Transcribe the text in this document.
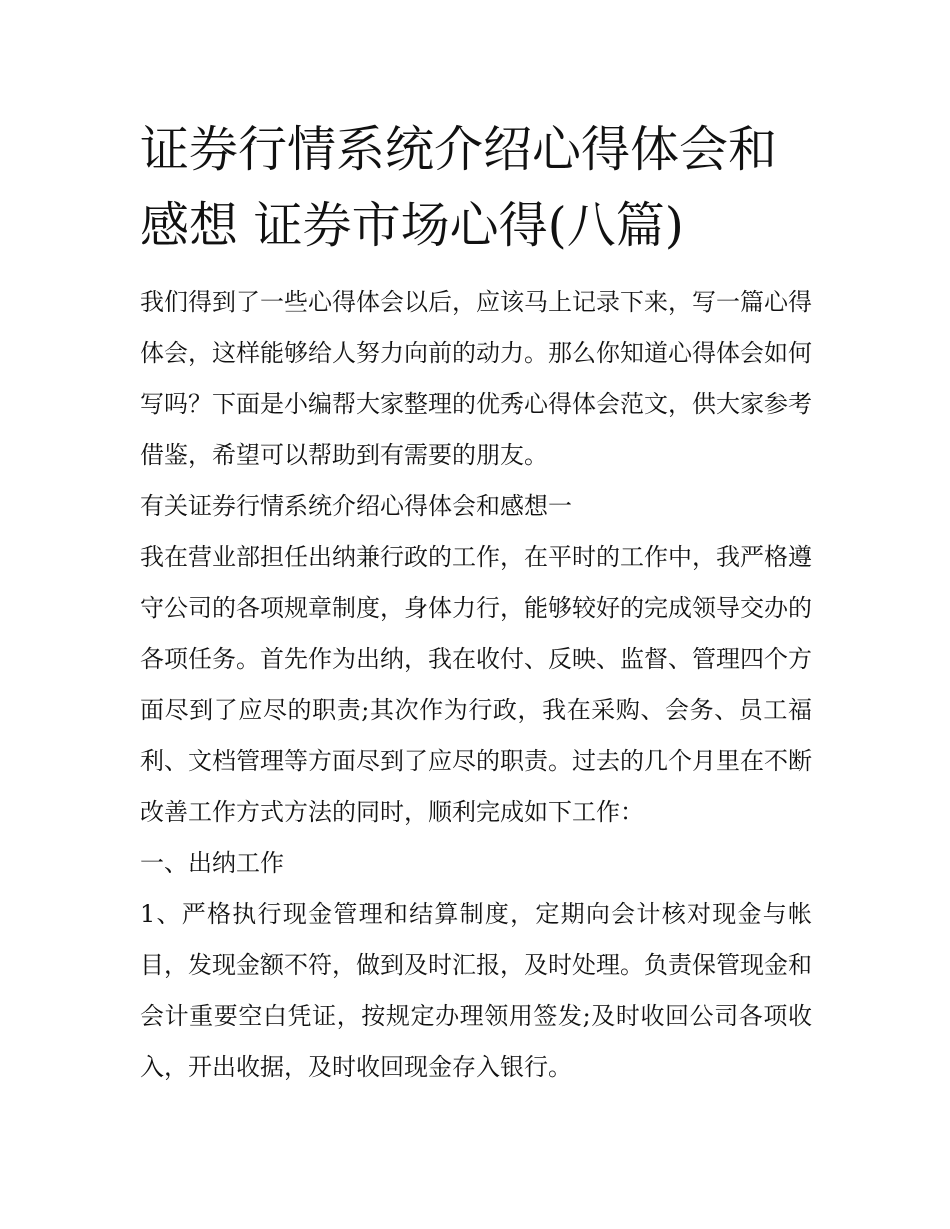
证券行情系统介绍心得体会和感想 证券市场心得(八篇)

我们得到了一些心得体会以后，应该马上记录下来，写一篇心得体会，这样能够给人努力向前的动力。那么你知道心得体会如何写吗？下面是小编帮大家整理的优秀心得体会范文，供大家参考借鉴，希望可以帮助到有需要的朋友。

有关证券行情系统介绍心得体会和感想一

我在营业部担任出纳兼行政的工作，在平时的工作中，我严格遵守公司的各项规章制度，身体力行，能够较好的完成领导交办的各项任务。首先作为出纳，我在收付、反映、监督、管理四个方面尽到了应尽的职责;其次作为行政，我在采购、会务、员工福利、文档管理等方面尽到了应尽的职责。过去的几个月里在不断改善工作方式方法的同时，顺利完成如下工作：

一、出纳工作

1、严格执行现金管理和结算制度，定期向会计核对现金与帐目，发现金额不符，做到及时汇报，及时处理。负责保管现金和会计重要空白凭证，按规定办理领用签发;及时收回公司各项收入，开出收据，及时收回现金存入银行。
